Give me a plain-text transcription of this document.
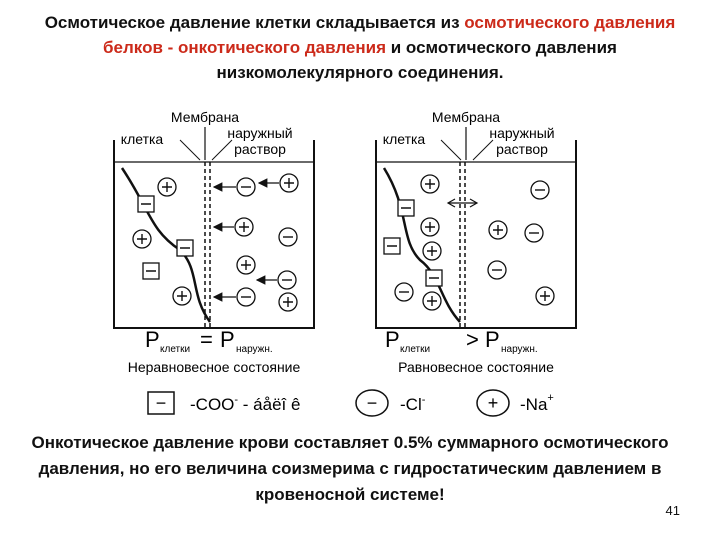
Осмотическое давление клетки складывается из осмотического давления белков - онкотического давления и осмотического давления низкомолекулярного соединения.
Мембрана
клетка	наружный
раствор
P клетки = P наружн.
Неравновесное состояние
Мембрана
клетка	наружный
раствор
P клетки > P наружн.
Равновесное состояние
− -COO- - áåëî ê	− -Cl-	+ -Na+
Онкотическое давление крови составляет 0.5% суммарного осмотического давления, но его величина соизмерима с гидростатическим давлением в кровеносной системе!
41
